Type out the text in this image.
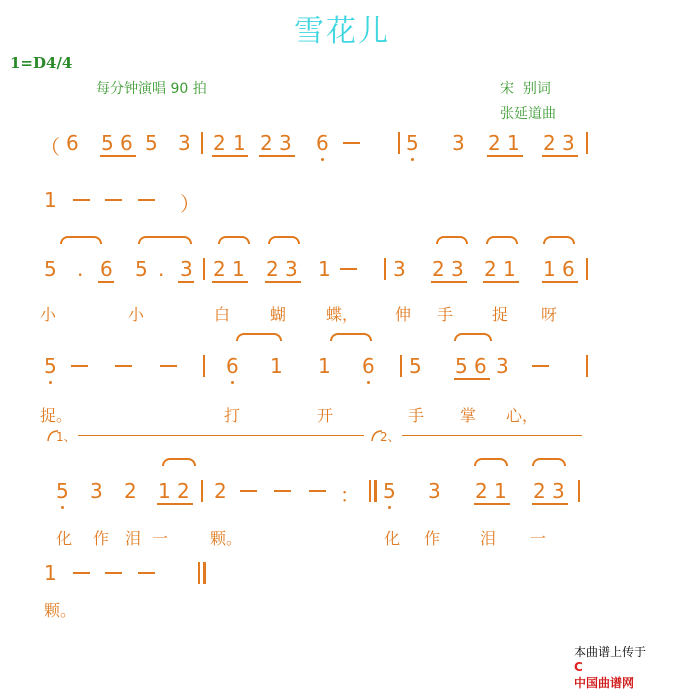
雪花儿
1=D4/4
每分钟演唱 90 拍	宋  别词
张延道曲
（ 6 5 6 5 3 2 1 2 3 6	5 3 2 1 2 3
1	）
5 . 6 5 . 3 2 1 2 3 1	3 2 3 2 1 1 6
小	小	白 蝴 蝶， 伸 手 捉 呀
5	6 1 1 6 5 5 6 3
捉。	打	开	手 掌 心，
1、	2、
5 3 2 1 2 2	： 5 3 2 1 2 3
化 作 泪 一	颗。	化 作 泪 一
1
颗。

本曲谱上传于
C
中国曲谱网
